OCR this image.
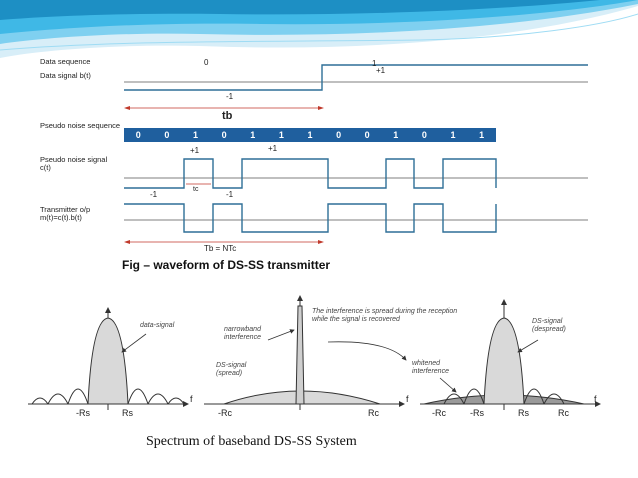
Data sequence
Data signal b(t)
0	1
+1
-1
tb
Pseudo noise sequence
Pseudo noise signal c(t)
+1	+1
-1	-1
tc
Transmitter o/p m(t)=c(t).b(t)
Tb = NTc
0	0	1	0	1	1	1	0	0	1	0	1	1
Fig – waveform of DS-SS transmitter
data-signal
-Rs	Rs
f
narrowband interference
The interference is spread during the reception while the signal is recovered
DS-signal (spread)
-Rc	Rc
f
DS-signal (despread)
whitened interference
-Rc	-Rs	Rs	Rc
f
Spectrum of baseband DS-SS System
